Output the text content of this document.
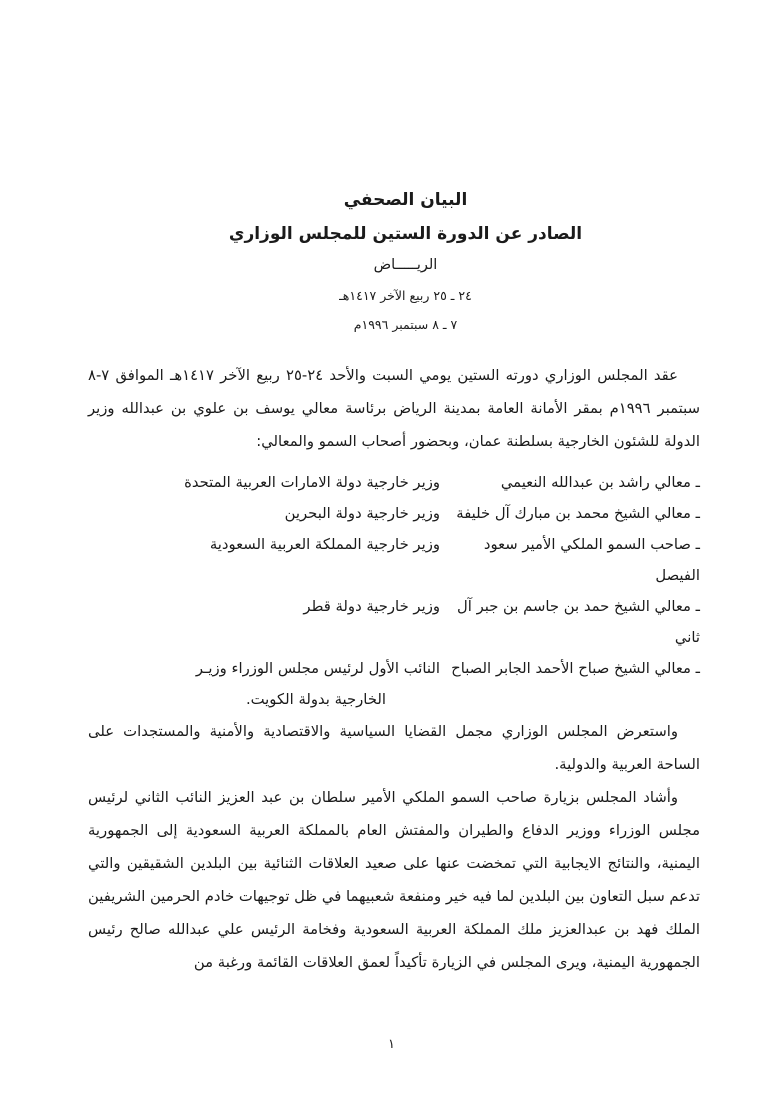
البيان الصحفي
الصادر عن الدورة الستين للمجلس الوزاري
الريـــــاض
٢٤ ـ ٢٥ ربيع الآخر ١٤١٧هـ
٧ ـ ٨ سبتمبر ١٩٩٦م

عقد المجلس الوزاري دورته الستين يومي السبت والأحد ٢٤-٢٥ ربيع الآخر ١٤١٧هـ الموافق ٧-٨ سبتمبر ١٩٩٦م بمقر الأمانة العامة بمدينة الرياض برئاسة معالي يوسف بن علوي بن عبدالله وزير الدولة للشئون الخارجية بسلطنة عمان، وبحضور أصحاب السمو والمعالي:

ـ معالي راشد بن عبدالله النعيمي
وزير خارجية دولة الامارات العربية المتحدة
ـ معالي الشيخ محمد بن مبارك آل خليفة
وزير خارجية دولة البحرين
ـ صاحب السمو الملكي الأمير سعود الفيصل
وزير خارجية المملكة العربية السعودية
ـ معالي الشيخ حمد بن جاسم بن جبر آل ثاني
وزير خارجية دولة قطر
ـ معالي الشيخ صباح الأحمد الجابر الصباح
النائب الأول لرئيس مجلس الوزراء وزيـر
الخارجية بدولة الكويت.

واستعرض المجلس الوزاري مجمل القضايا السياسية والاقتصادية والأمنية والمستجدات على الساحة العربية والدولية.

وأشاد المجلس بزيارة صاحب السمو الملكي الأمير سلطان بن عبد العزيز النائب الثاني لرئيس مجلس الوزراء ووزير الدفاع والطيران والمفتش العام بالمملكة العربية السعودية إلى الجمهورية اليمنية، والنتائج الايجابية التي تمخضت عنها على صعيد العلاقات الثنائية بين البلدين الشقيقين والتي تدعم سبل التعاون بين البلدين لما فيه خير ومنفعة شعبيهما في ظل توجيهات خادم الحرمين الشريفين الملك فهد بن عبدالعزيز ملك المملكة العربية السعودية وفخامة الرئيس علي عبدالله صالح رئيس الجمهورية اليمنية، ويرى المجلس في الزيارة تأكيداً لعمق العلاقات القائمة ورغبة من

١
